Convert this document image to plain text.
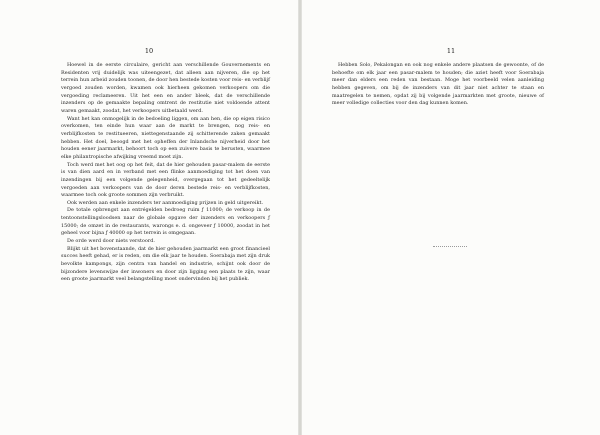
10

Hoewel in de eerste circulaire, gericht aan verschillende Gouvernements en Residenten vrij duidelijk was uiteengezet, dat alleen aan nijveren, die op het terrein hun arbeid zouden toonen, de door hen bestede kosten voor reis- en verblijf vergoed zouden worden, kwamen ook hierheen gekomen verkoopers om die vergoeding reclameeren. Uit het een en ander bleek, dat de verschillende inzenders op de gemaakte bepaling omtrent de restitutie niet voldoende attent waren gemaakt, zoodat, het verkoopers uitbetaald werd.

Want het kan onmogelijk in de bedoeling liggen, om aan hen, die op eigen risico overkomen, ten einde hun waar aan de markt te brengen, nog reis- en verblijfkosten te restitueeren, niettegenstaande zij schitterende zaken gemaakt hebben. Het doel, beoogd met het opheffen der Inlandsche nijverheid door het houden eener jaarmarkt, behoort toch op een zuivere basis te berusten, waarmee elke philantropische afwijking vreemd moet zijn.

Toch werd met het oog op het feit, dat de hier gehouden pasar-malem de eerste is van dien aard en in verband met een flinke aanmoediging tot het doen van inzendingen bij een volgende gelegenheid, overgegaan tot het gedeeltelijk vergoeden aan verkoopers van de door deren bestede reis- en verblijfkosten, waarmee toch ook groote sommen zijn verbruikt.

Ook werden aan enkele inzenders ter aanmoediging prijzen in geld uitgereikt.

De totale opbrengst aan entrégelden bedroeg ruim ƒ 11000; de verkoop in de tentoonstellingsloodsen naar de globale opgave der inzenders en verkoopers ƒ 15000; de omzet in de restaurants, warongs e. d. ongeveer ƒ 10000, zoodat in het geheel voor bijna ƒ 40000 op het terrein is omgegaan.

De orde werd door niets verstoord.

Blijkt uit het bovenstaande, dat de hier gehouden jaarmarkt een groot financieel succes heeft gehad, er is reden, om die elk jaar te houden. Soerabaja met zijn druk bevolkte kampongs, zijn centra van handel en industrie, schijnt ook door de bijzondere levenswijze der inwoners en door zijn ligging een plaats te zijn, waar een groote jaarmarkt veel belangstelling moet ondervinden bij het publiek.

11

Hebben Solo, Pekalongan en ook nog enkele andere plaatsen de gewoonte, of de behoefte om elk jaar een pasar-malem te houden; die aziet heeft voor Soerabaja meer dan elders een reden van bestaan. Moge het voorbeeld velen aanleiding hebben gegeven, om bij de inzenders van dit jaar niet achter te staan en maatregelen te nemen, opdat zij bij volgende jaarmarkten met groote, nieuwe of meer volledige collecties voor den dag kunnen komen.
